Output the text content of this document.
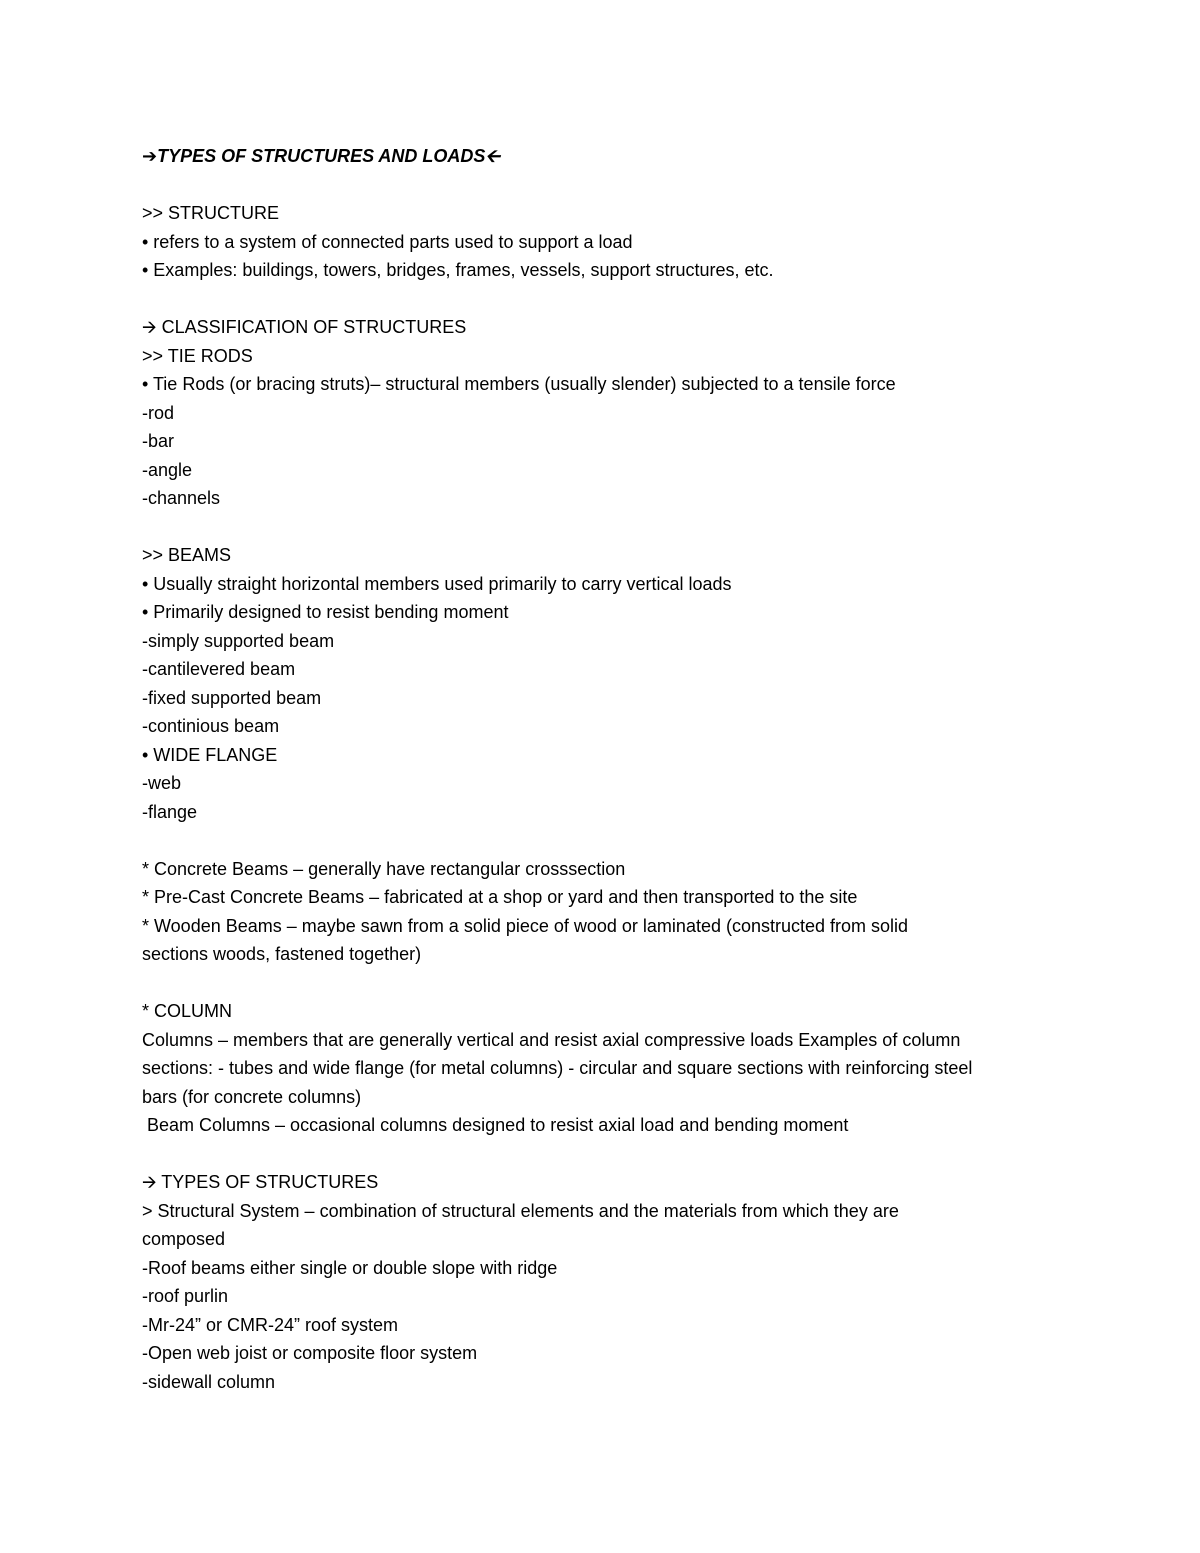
➔TYPES OF STRUCTURES AND LOADS🡨
>> STRUCTURE
• refers to a system of connected parts used to support a load
• Examples: buildings, towers, bridges, frames, vessels, support structures, etc.
🡪 CLASSIFICATION OF STRUCTURES
>> TIE RODS
• Tie Rods (or bracing struts)– structural members (usually slender) subjected to a tensile force
-rod
-bar
-angle
-channels
>> BEAMS
• Usually straight horizontal members used primarily to carry vertical loads
• Primarily designed to resist bending moment
-simply supported beam
-cantilevered beam
-fixed supported beam
-continious beam
• WIDE FLANGE
-web
-flange
* Concrete Beams – generally have rectangular crosssection
* Pre-Cast Concrete Beams – fabricated at a shop or yard and then transported to the site
* Wooden Beams – maybe sawn from a solid piece of wood or laminated (constructed from solid
sections woods, fastened together)
* COLUMN
Columns – members that are generally vertical and resist axial compressive loads Examples of column
sections: - tubes and wide flange (for metal columns) - circular and square sections with reinforcing steel
bars (for concrete columns)
Beam Columns – occasional columns designed to resist axial load and bending moment
🡪 TYPES OF STRUCTURES
> Structural System – combination of structural elements and the materials from which they are
composed
-Roof beams either single or double slope with ridge
-roof purlin
-Mr-24” or CMR-24” roof system
-Open web joist or composite floor system
-sidewall column
